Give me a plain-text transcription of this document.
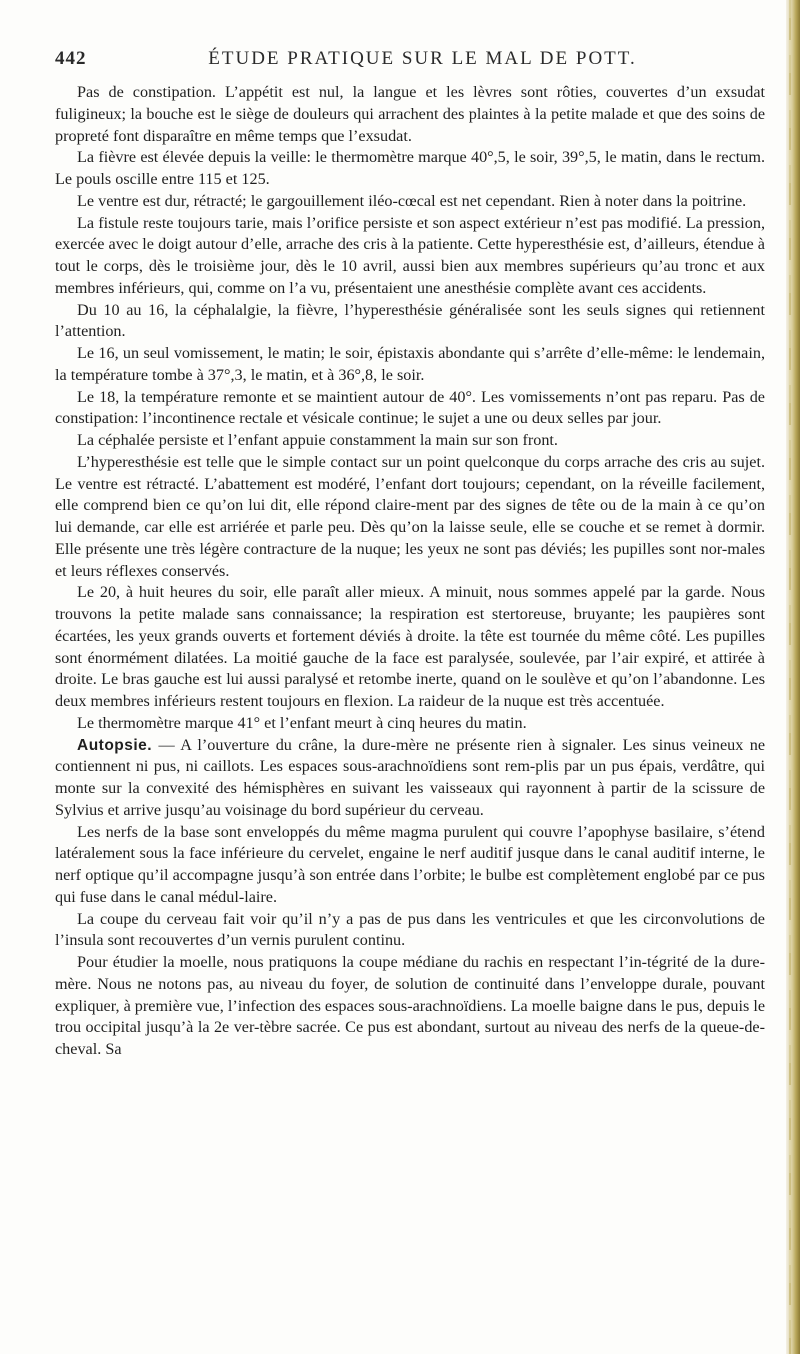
442	ÉTUDE PRATIQUE SUR LE MAL DE POTT.

Pas de constipation. L’appétit est nul, la langue et les lèvres sont rôties, couvertes d’un exsudat fuligineux; la bouche est le siège de douleurs qui arrachent des plaintes à la petite malade et que des soins de propreté font disparaître en même temps que l’exsudat.

La fièvre est élevée depuis la veille: le thermomètre marque 40°,5, le soir, 39°,5, le matin, dans le rectum. Le pouls oscille entre 115 et 125.

Le ventre est dur, rétracté; le gargouillement iléo-cœcal est net cependant. Rien à noter dans la poitrine.

La fistule reste toujours tarie, mais l’orifice persiste et son aspect extérieur n’est pas modifié. La pression, exercée avec le doigt autour d’elle, arrache des cris à la patiente. Cette hyperesthésie est, d’ailleurs, étendue à tout le corps, dès le troisième jour, dès le 10 avril, aussi bien aux membres supérieurs qu’au tronc et aux membres inférieurs, qui, comme on l’a vu, présentaient une anesthésie complète avant ces accidents.

Du 10 au 16, la céphalalgie, la fièvre, l’hyperesthésie généralisée sont les seuls signes qui retiennent l’attention.

Le 16, un seul vomissement, le matin; le soir, épistaxis abondante qui s’arrête d’elle-même: le lendemain, la température tombe à 37°,3, le matin, et à 36°,8, le soir.

Le 18, la température remonte et se maintient autour de 40°. Les vomissements n’ont pas reparu. Pas de constipation: l’incontinence rectale et vésicale continue; le sujet a une ou deux selles par jour.

La céphalée persiste et l’enfant appuie constamment la main sur son front.

L’hyperesthésie est telle que le simple contact sur un point quelconque du corps arrache des cris au sujet. Le ventre est rétracté. L’abattement est modéré, l’enfant dort toujours; cependant, on la réveille facilement, elle comprend bien ce qu’on lui dit, elle répond claire-ment par des signes de tête ou de la main à ce qu’on lui demande, car elle est arriérée et parle peu. Dès qu’on la laisse seule, elle se couche et se remet à dormir. Elle présente une très légère contracture de la nuque; les yeux ne sont pas déviés; les pupilles sont nor-males et leurs réflexes conservés.

Le 20, à huit heures du soir, elle paraît aller mieux. A minuit, nous sommes appelé par la garde. Nous trouvons la petite malade sans connaissance; la respiration est stertoreuse, bruyante; les paupières sont écartées, les yeux grands ouverts et fortement déviés à droite. la tête est tournée du même côté. Les pupilles sont énormément dilatées. La moitié gauche de la face est paralysée, soulevée, par l’air expiré, et attirée à droite. Le bras gauche est lui aussi paralysé et retombe inerte, quand on le soulève et qu’on l’abandonne. Les deux membres inférieurs restent toujours en flexion. La raideur de la nuque est très accentuée.

Le thermomètre marque 41° et l’enfant meurt à cinq heures du matin.

Autopsie. — A l’ouverture du crâne, la dure-mère ne présente rien à signaler. Les sinus veineux ne contiennent ni pus, ni caillots. Les espaces sous-arachnoïdiens sont rem-plis par un pus épais, verdâtre, qui monte sur la convexité des hémisphères en suivant les vaisseaux qui rayonnent à partir de la scissure de Sylvius et arrive jusqu’au voisinage du bord supérieur du cerveau.

Les nerfs de la base sont enveloppés du même magma purulent qui couvre l’apophyse basilaire, s’étend latéralement sous la face inférieure du cervelet, engaine le nerf auditif jusque dans le canal auditif interne, le nerf optique qu’il accompagne jusqu’à son entrée dans l’orbite; le bulbe est complètement englobé par ce pus qui fuse dans le canal médul-laire.

La coupe du cerveau fait voir qu’il n’y a pas de pus dans les ventricules et que les circonvolutions de l’insula sont recouvertes d’un vernis purulent continu.

Pour étudier la moelle, nous pratiquons la coupe médiane du rachis en respectant l’in-tégrité de la dure-mère. Nous ne notons pas, au niveau du foyer, de solution de continuité dans l’enveloppe durale, pouvant expliquer, à première vue, l’infection des espaces sous-arachnoïdiens. La moelle baigne dans le pus, depuis le trou occipital jusqu’à la 2e ver-tèbre sacrée. Ce pus est abondant, surtout au niveau des nerfs de la queue-de-cheval. Sa
